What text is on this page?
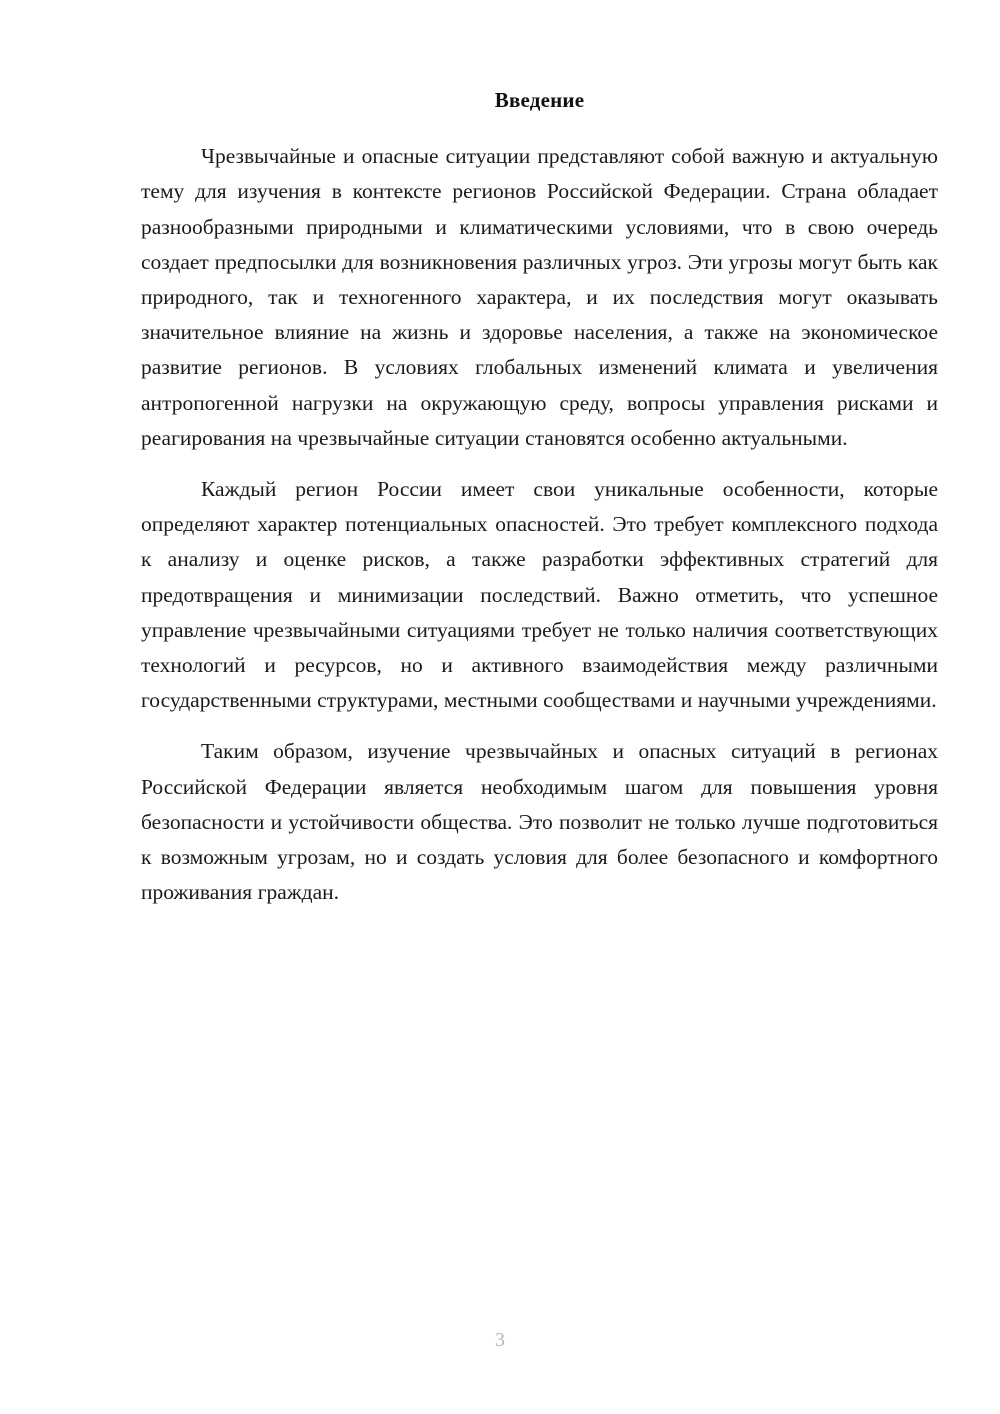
Введение

Чрезвычайные и опасные ситуации представляют собой важную и актуальную тему для изучения в контексте регионов Российской Федерации. Страна обладает разнообразными природными и климатическими условиями, что в свою очередь создает предпосылки для возникновения различных угроз. Эти угрозы могут быть как природного, так и техногенного характера, и их последствия могут оказывать значительное влияние на жизнь и здоровье населения, а также на экономическое развитие регионов. В условиях глобальных изменений климата и увеличения антропогенной нагрузки на окружающую среду, вопросы управления рисками и реагирования на чрезвычайные ситуации становятся особенно актуальными.

Каждый регион России имеет свои уникальные особенности, которые определяют характер потенциальных опасностей. Это требует комплексного подхода к анализу и оценке рисков, а также разработки эффективных стратегий для предотвращения и минимизации последствий. Важно отметить, что успешное управление чрезвычайными ситуациями требует не только наличия соответствующих технологий и ресурсов, но и активного взаимодействия между различными государственными структурами, местными сообществами и научными учреждениями.

Таким образом, изучение чрезвычайных и опасных ситуаций в регионах Российской Федерации является необходимым шагом для повышения уровня безопасности и устойчивости общества. Это позволит не только лучше подготовиться к возможным угрозам, но и создать условия для более безопасного и комфортного проживания граждан.

3
